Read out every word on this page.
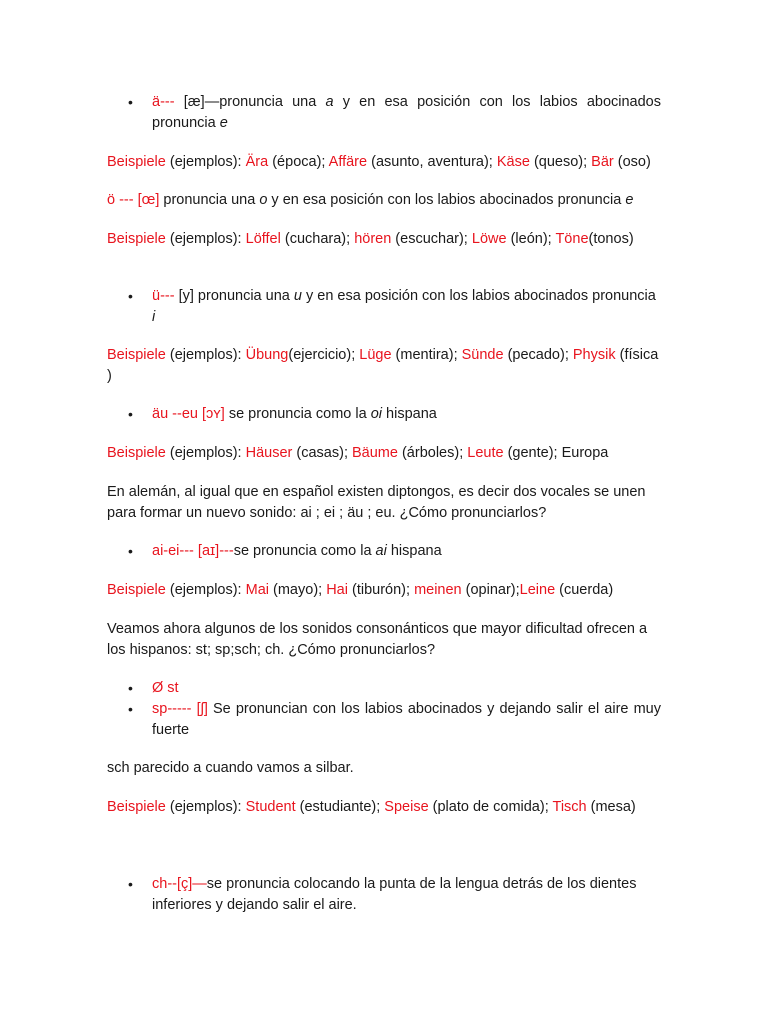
• ä--- [æ]—pronuncia una a y en esa posición con los labios abocinados pronuncia e
Beispiele (ejemplos): Ära (época); Affäre (asunto, aventura); Käse (queso); Bär (oso)
ö --- [œ] pronuncia una o y en esa posición con los labios abocinados pronuncia e
Beispiele (ejemplos): Löffel (cuchara); hören (escuchar); Löwe (león); Töne(tonos)
• ü--- [y] pronuncia una u y en esa posición con los labios abocinados pronuncia i
Beispiele (ejemplos): Übung(ejercicio); Lüge (mentira); Sünde (pecado); Physik (física )
• äu --eu [ɔʏ] se pronuncia como la oi hispana
Beispiele (ejemplos): Häuser (casas); Bäume (árboles); Leute (gente); Europa
En alemán, al igual que en español existen diptongos, es decir dos vocales se unen para formar un nuevo sonido: ai ; ei ; äu ; eu. ¿Cómo pronunciarlos?
• ai-ei--- [aɪ]---se pronuncia como la ai hispana
Beispiele (ejemplos): Mai (mayo); Hai (tiburón); meinen (opinar);Leine (cuerda)
Veamos ahora algunos de los sonidos consonánticos que mayor dificultad ofrecen a los hispanos: st; sp;sch; ch. ¿Cómo pronunciarlos?
• Ø st
• sp----- [ʃ] Se pronuncian con los labios abocinados y dejando salir el aire muy fuerte
sch parecido a cuando vamos a silbar.
Beispiele (ejemplos): Student (estudiante); Speise (plato de comida); Tisch (mesa)
• ch--[ç]—se pronuncia colocando la punta de la lengua detrás de los dientes inferiores y dejando salir el aire.
